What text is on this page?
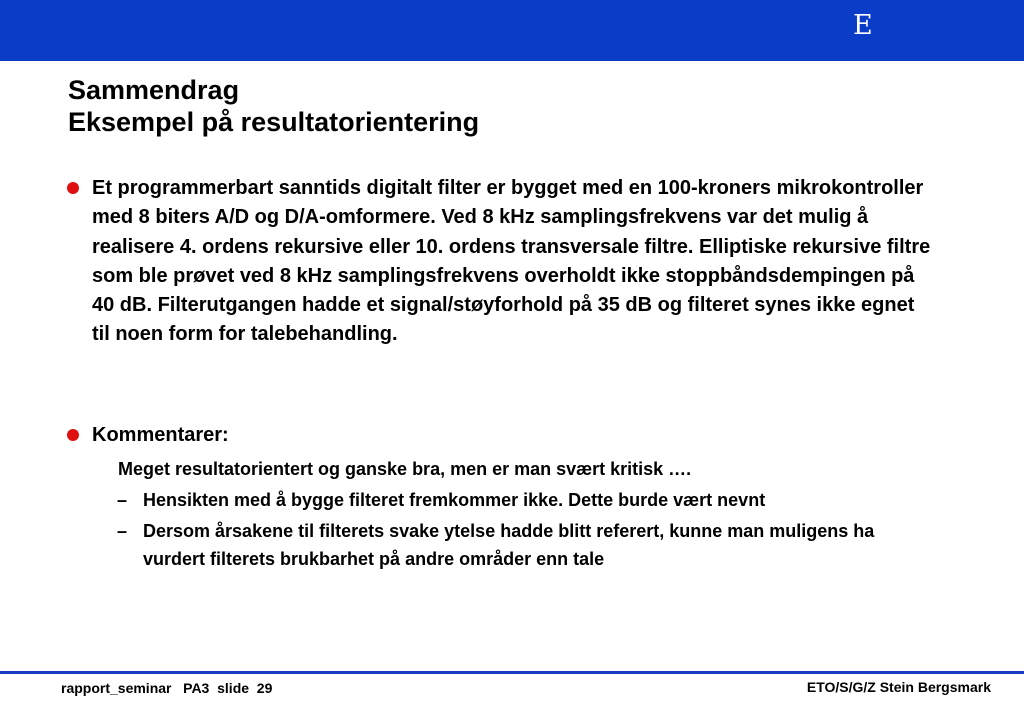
E
Sammendrag
Eksempel på resultatorientering
Et programmerbart sanntids digitalt filter er bygget med en 100-kroners mikrokontroller med 8 biters A/D og D/A-omformere. Ved 8 kHz samplingsfrekvens var det mulig å realisere 4. ordens rekursive eller 10. ordens transversale filtre. Elliptiske rekursive filtre som ble prøvet ved 8 kHz samplingsfrekvens overholdt ikke stoppbåndsdempingen på 40 dB. Filterutgangen hadde et signal/støyforhold på 35 dB og filteret synes ikke egnet til noen form for talebehandling.
Kommentarer:
Meget resultatorientert og ganske bra, men er man svært kritisk ….
– Hensikten med å bygge filteret fremkommer ikke. Dette burde vært nevnt
– Dersom årsakene til filterets svake ytelse hadde blitt referert, kunne man muligens ha vurdert filterets brukbarhet på andre områder enn tale
rapport_seminar   PA3  slide  29	ETO/S/G/Z Stein Bergsmark
